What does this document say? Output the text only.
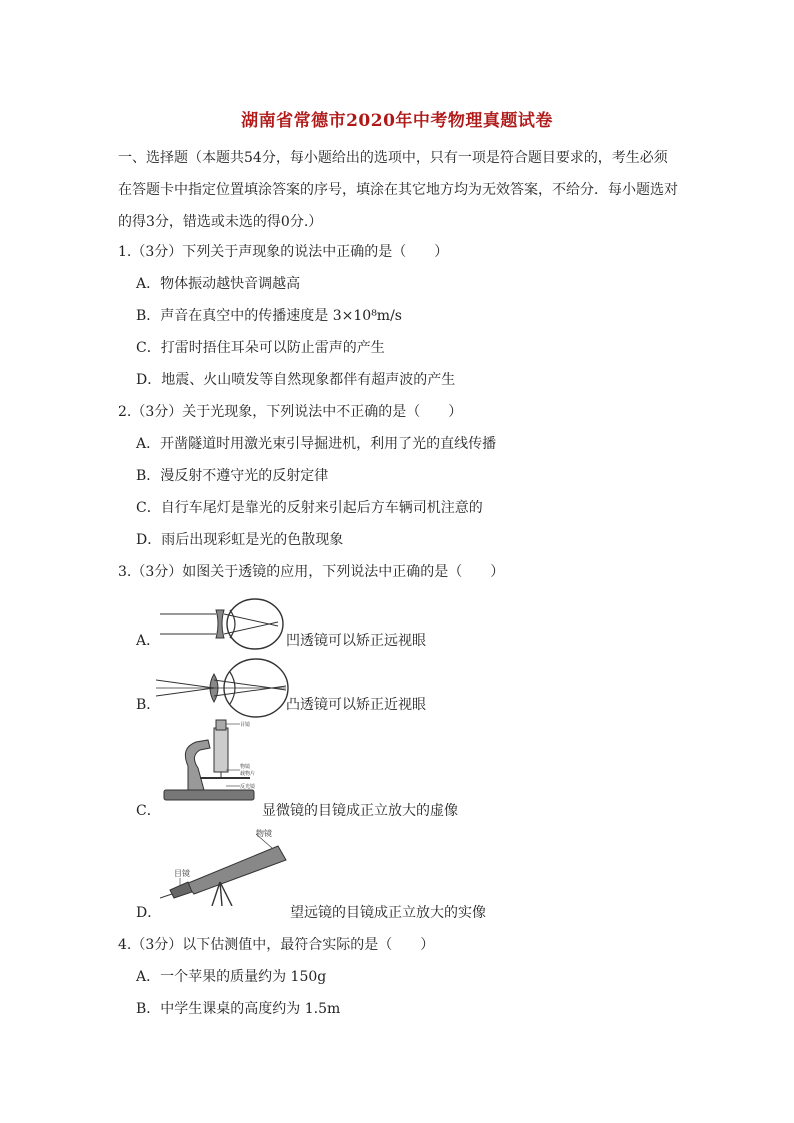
湖南省常德市2020年中考物理真题试卷
一、选择题（本题共54分，每小题给出的选项中，只有一项是符合题目要求的，考生必须
在答题卡中指定位置填涂答案的序号，填涂在其它地方均为无效答案，不给分．每小题选对
的得3分，错选或未选的得0分.）
1.（3分）下列关于声现象的说法中正确的是（　　）
A．物体振动越快音调越高
B．声音在真空中的传播速度是 3×10⁸m/s
C．打雷时捂住耳朵可以防止雷声的产生
D．地震、火山喷发等自然现象都伴有超声波的产生
2.（3分）关于光现象，下列说法中不正确的是（　　）
A．开凿隧道时用激光束引导掘进机，利用了光的直线传播
B．漫反射不遵守光的反射定律
C．自行车尾灯是靠光的反射来引起后方车辆司机注意的
D．雨后出现彩虹是光的色散现象
3.（3分）如图关于透镜的应用，下列说法中正确的是（　　）
A．	凹透镜可以矫正远视眼
B．	凸透镜可以矫正近视眼
目镜
物镜
载物片
反光镜
C．	显微镜的目镜成正立放大的虚像
物镜
目镜
D．	望远镜的目镜成正立放大的实像
4.（3分）以下估测值中，最符合实际的是（　　）
A．一个苹果的质量约为 150g
B．中学生课桌的高度约为 1.5m
